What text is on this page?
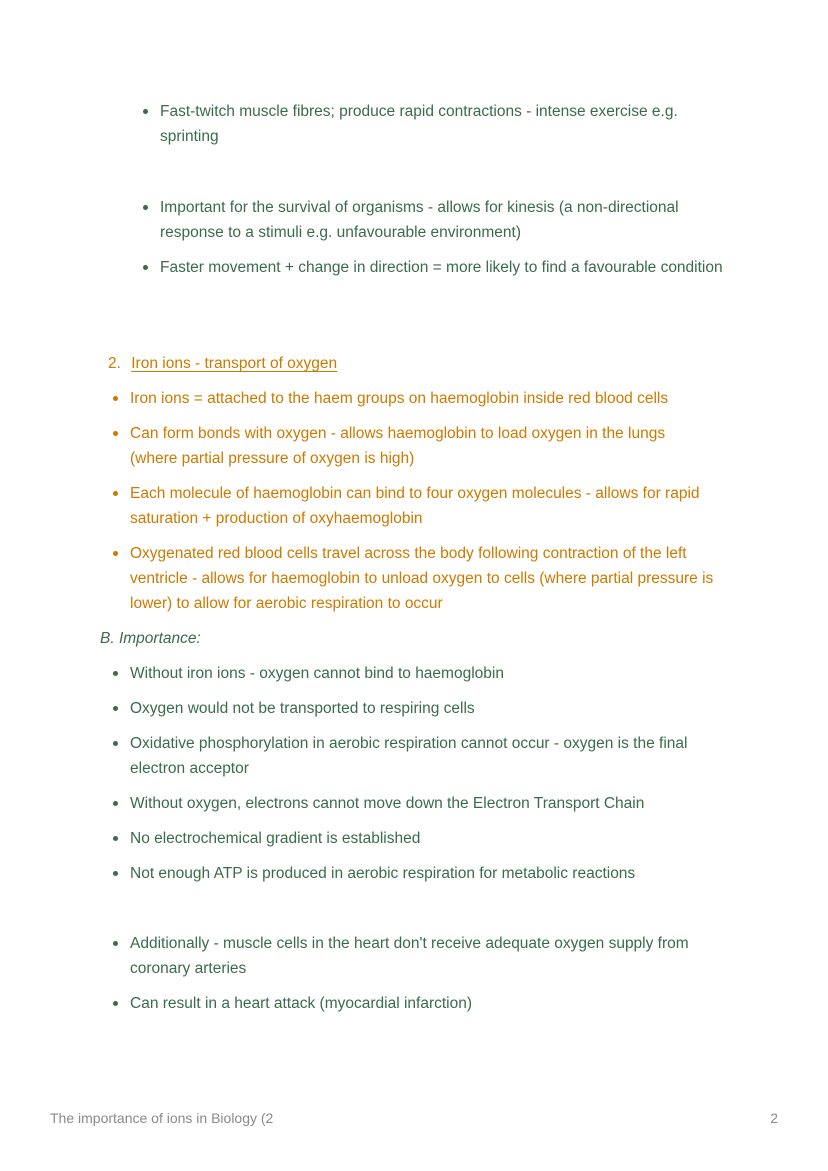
Fast-twitch muscle fibres; produce rapid contractions - intense exercise e.g. sprinting
Important for the survival of organisms - allows for kinesis (a non-directional response to a stimuli e.g. unfavourable environment)
Faster movement + change in direction = more likely to find a favourable condition
2. Iron ions - transport of oxygen
Iron ions = attached to the haem groups on haemoglobin inside red blood cells
Can form bonds with oxygen - allows haemoglobin to load oxygen in the lungs (where partial pressure of oxygen is high)
Each molecule of haemoglobin can bind to four oxygen molecules - allows for rapid saturation + production of oxyhaemoglobin
Oxygenated red blood cells travel across the body following contraction of the left ventricle - allows for haemoglobin to unload oxygen to cells (where partial pressure is lower) to allow for aerobic respiration to occur
B. Importance:
Without iron ions - oxygen cannot bind to haemoglobin
Oxygen would not be transported to respiring cells
Oxidative phosphorylation in aerobic respiration cannot occur - oxygen is the final electron acceptor
Without oxygen, electrons cannot move down the Electron Transport Chain
No electrochemical gradient is established
Not enough ATP is produced in aerobic respiration for metabolic reactions
Additionally - muscle cells in the heart don't receive adequate oxygen supply from coronary arteries
Can result in a heart attack (myocardial infarction)
The importance of ions in Biology (2	2
